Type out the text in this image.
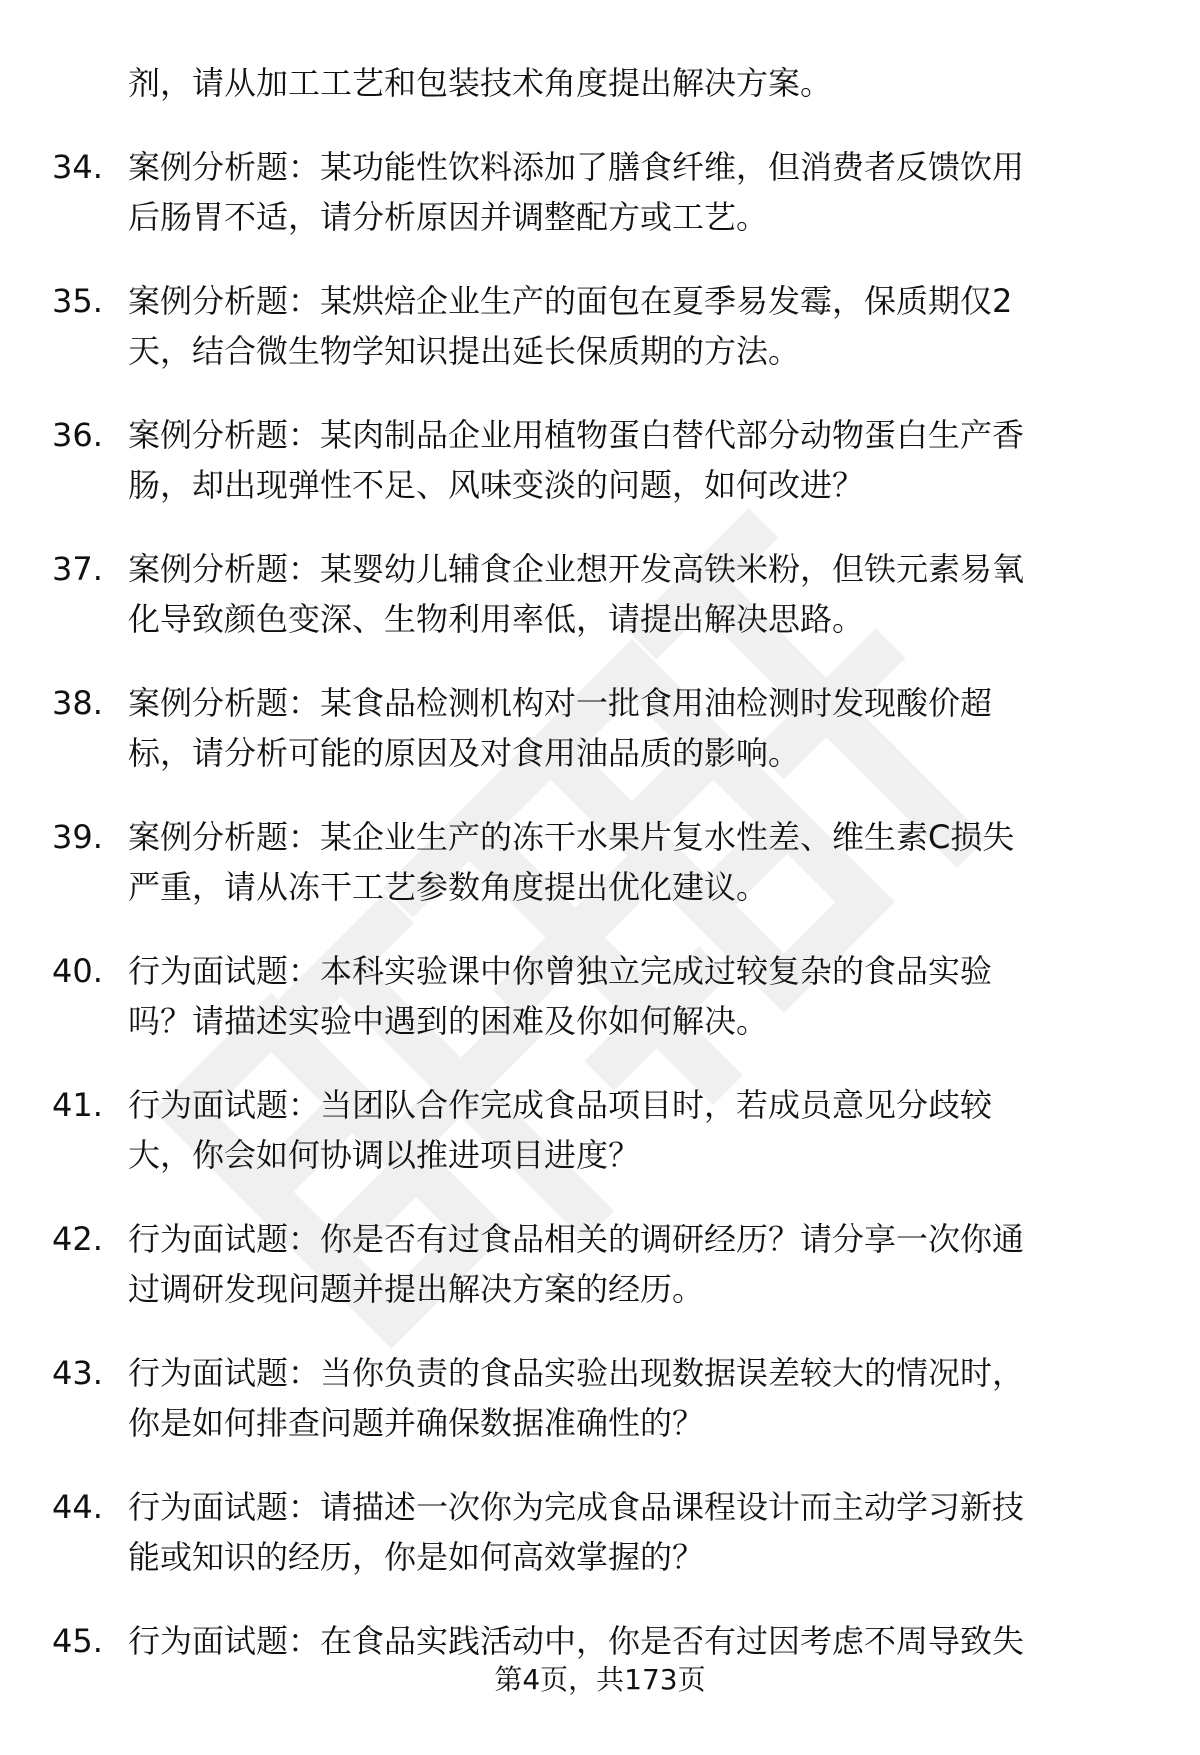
剂，请从加工工艺和包装技术角度提出解决方案。
34. 案例分析题：某功能性饮料添加了膳食纤维，但消费者反馈饮用
后肠胃不适，请分析原因并调整配方或工艺。
35. 案例分析题：某烘焙企业生产的面包在夏季易发霉，保质期仅2
天，结合微生物学知识提出延长保质期的方法。
36. 案例分析题：某肉制品企业用植物蛋白替代部分动物蛋白生产香
肠，却出现弹性不足、风味变淡的问题，如何改进？
37. 案例分析题：某婴幼儿辅食企业想开发高铁米粉，但铁元素易氧
化导致颜色变深、生物利用率低，请提出解决思路。
38. 案例分析题：某食品检测机构对一批食用油检测时发现酸价超
标，请分析可能的原因及对食用油品质的影响。
39. 案例分析题：某企业生产的冻干水果片复水性差、维生素C损失
严重，请从冻干工艺参数角度提出优化建议。
40. 行为面试题：本科实验课中你曾独立完成过较复杂的食品实验
吗？请描述实验中遇到的困难及你如何解决。
41. 行为面试题：当团队合作完成食品项目时，若成员意见分歧较
大，你会如何协调以推进项目进度？
42. 行为面试题：你是否有过食品相关的调研经历？请分享一次你通
过调研发现问题并提出解决方案的经历。
43. 行为面试题：当你负责的食品实验出现数据误差较大的情况时，
你是如何排查问题并确保数据准确性的？
44. 行为面试题：请描述一次你为完成食品课程设计而主动学习新技
能或知识的经历，你是如何高效掌握的？
45. 行为面试题：在食品实践活动中，你是否有过因考虑不周导致失
第4页，共173页
